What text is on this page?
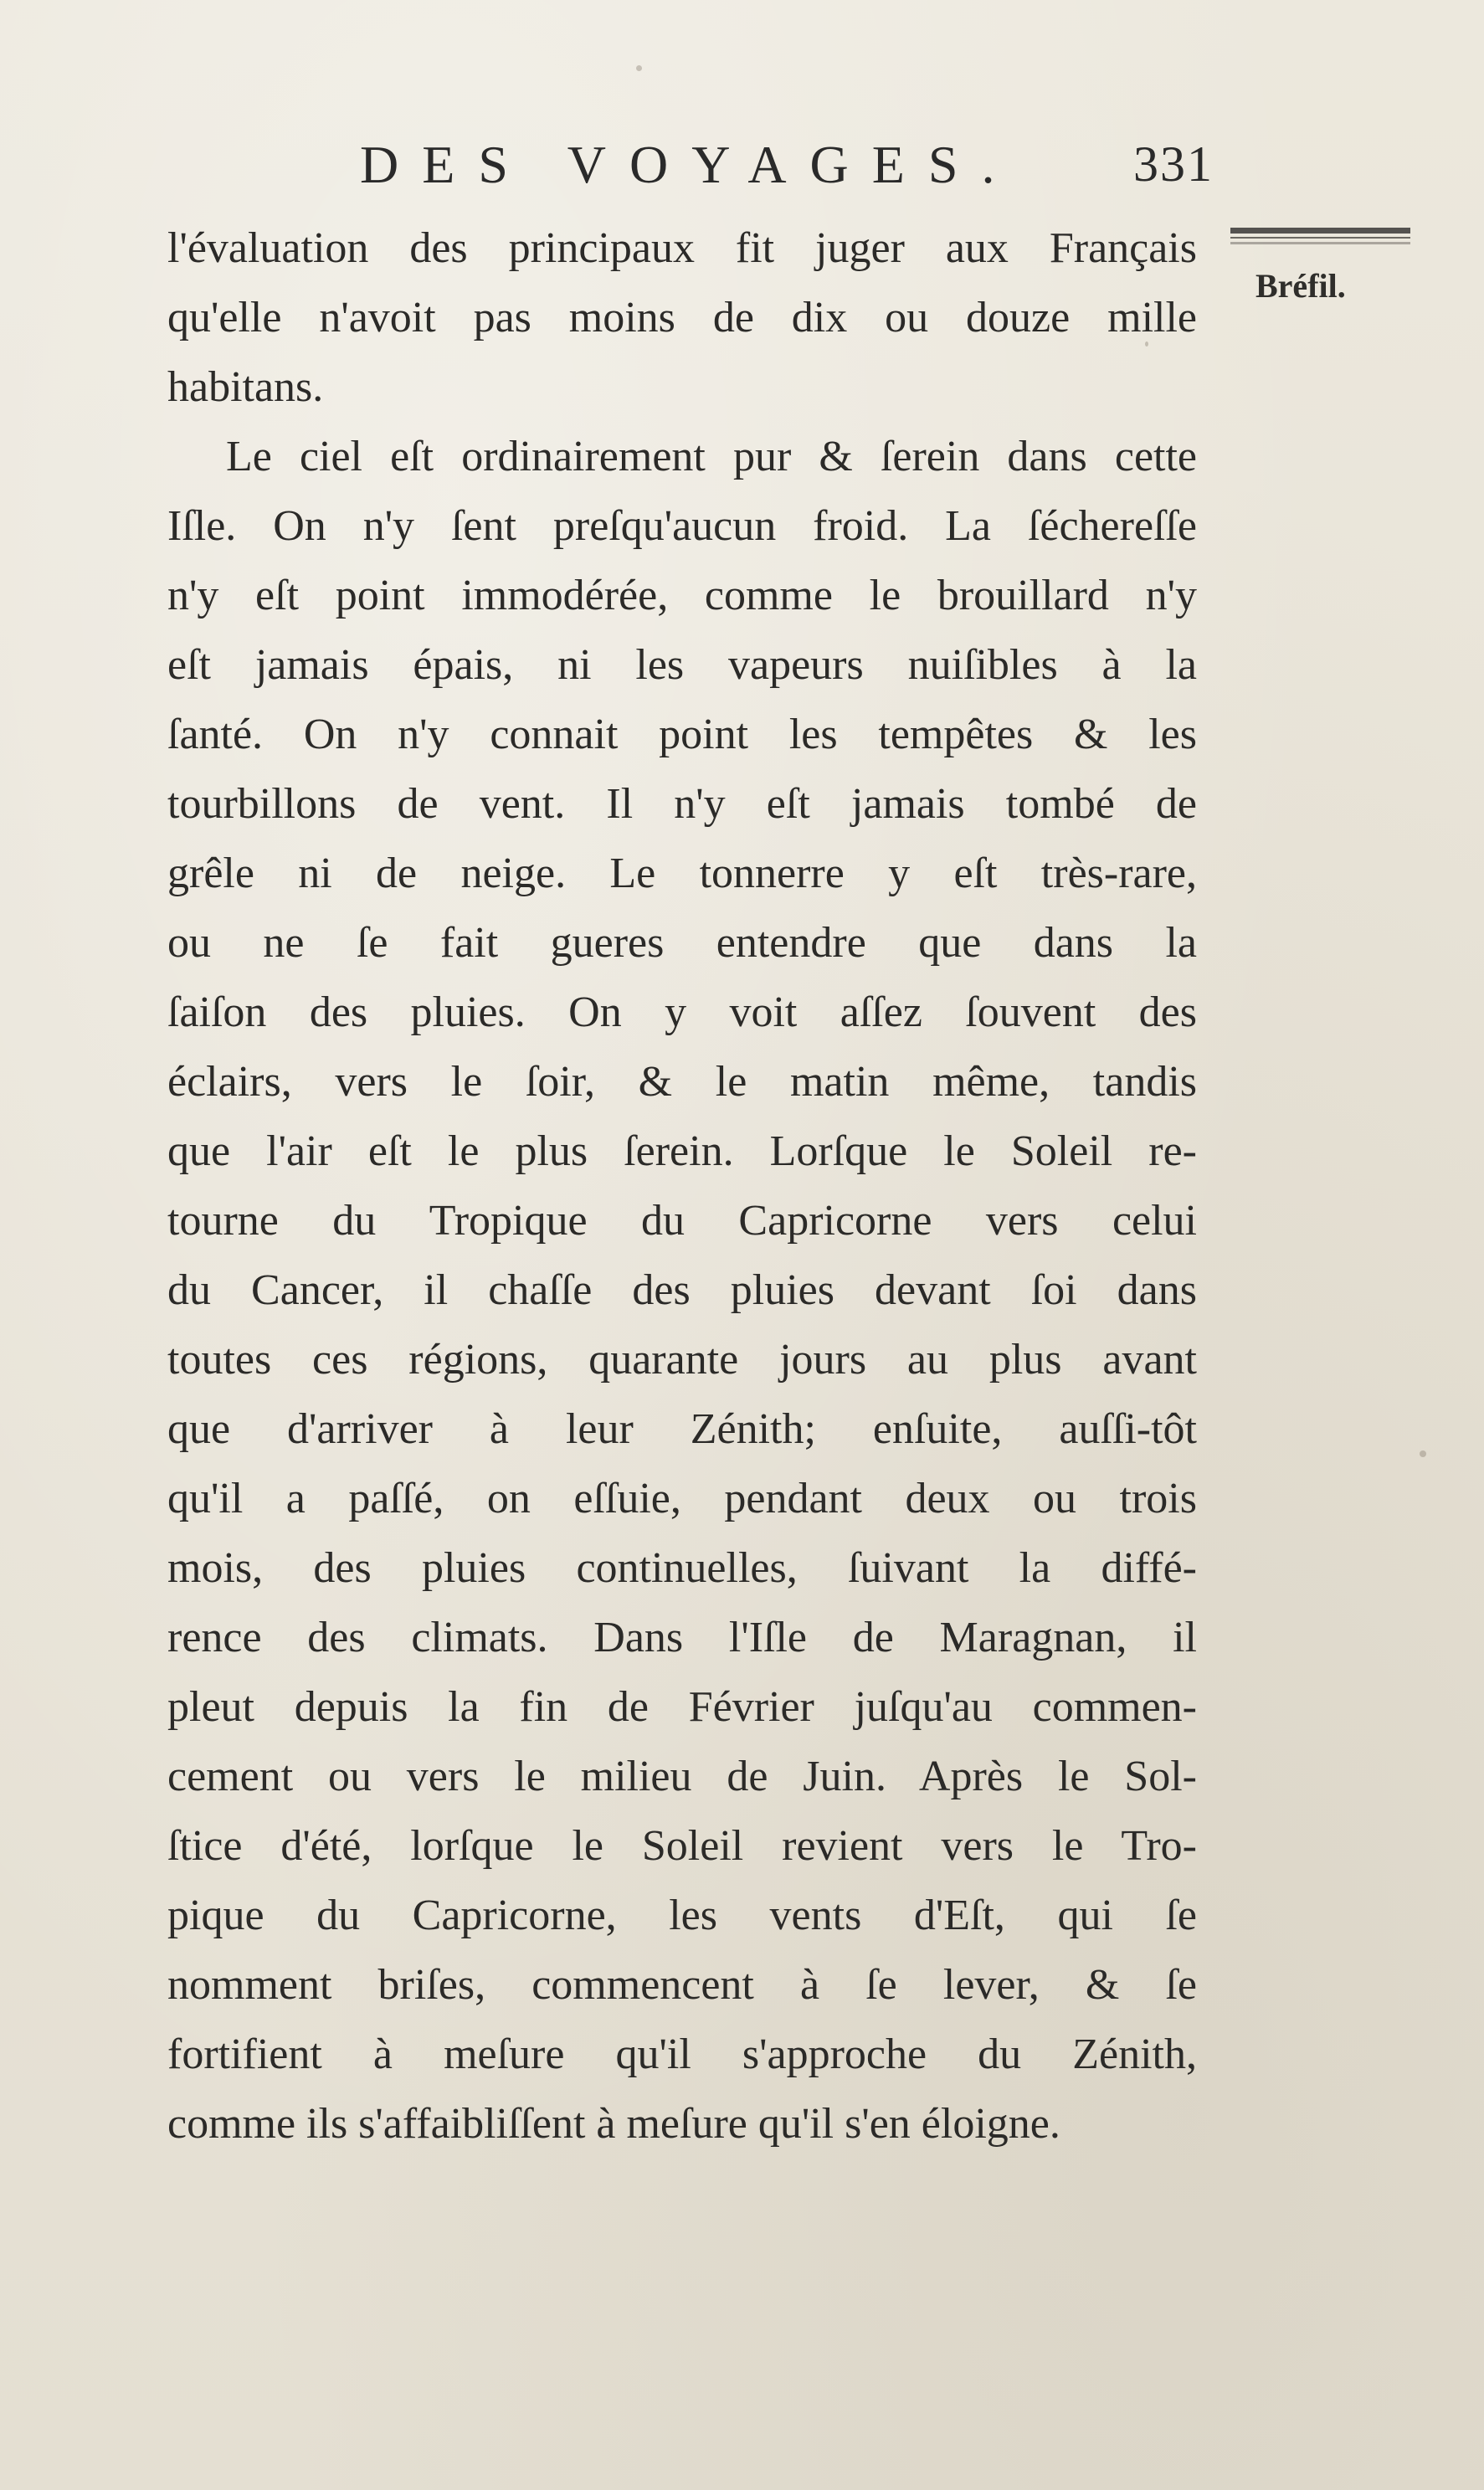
DES VOYAGES. 331
Bréfil.
l'évaluation des principaux fit juger aux Français
qu'elle n'avoit pas moins de dix ou douze mille
habitans.
Le ciel eſt ordinairement pur & ſerein dans cette
Iſle. On n'y ſent preſqu'aucun froid. La ſéchereſſe
n'y eſt point immodérée, comme le brouillard n'y
eſt jamais épais, ni les vapeurs nuiſibles à la
ſanté. On n'y connait point les tempêtes & les
tourbillons de vent. Il n'y eſt jamais tombé de
grêle ni de neige. Le tonnerre y eſt très-rare,
ou ne ſe fait gueres entendre que dans la
ſaiſon des pluies. On y voit aſſez ſouvent des
éclairs, vers le ſoir, & le matin même, tandis
que l'air eſt le plus ſerein. Lorſque le Soleil re-
tourne du Tropique du Capricorne vers celui
du Cancer, il chaſſe des pluies devant ſoi dans
toutes ces régions, quarante jours au plus avant
que d'arriver à leur Zénith; enſuite, auſſi-tôt
qu'il a paſſé, on eſſuie, pendant deux ou trois
mois, des pluies continuelles, ſuivant la diffé-
rence des climats. Dans l'Iſle de Maragnan, il
pleut depuis la fin de Février juſqu'au commen-
cement ou vers le milieu de Juin. Après le Sol-
ſtice d'été, lorſque le Soleil revient vers le Tro-
pique du Capricorne, les vents d'Eſt, qui ſe
nomment briſes, commencent à ſe lever, & ſe
fortifient à meſure qu'il s'approche du Zénith,
comme ils s'affaibliſſent à meſure qu'il s'en éloigne.
